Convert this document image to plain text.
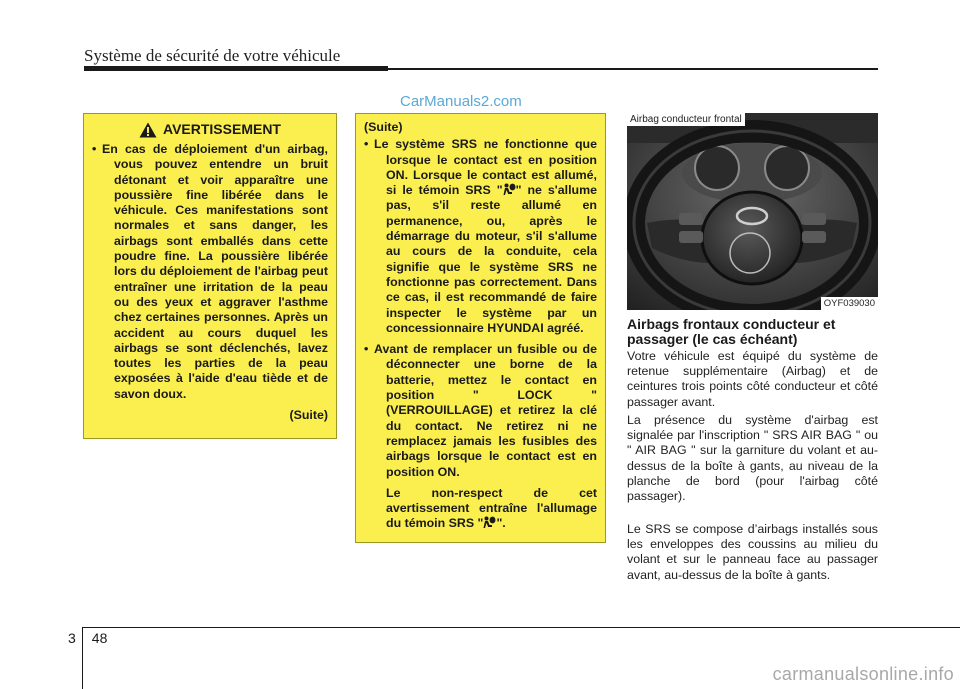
Système de sécurité de votre véhicule
CarManuals2.com
AVERTISSEMENT
• En cas de déploiement d'un airbag, vous pouvez entendre un bruit détonant et voir apparaître une poussière fine libérée dans le véhicule. Ces manifestations sont normales et sans danger, les airbags sont emballés dans cette poudre fine. La poussière libérée lors du déploiement de l'airbag peut entraîner une irritation de la peau ou des yeux et aggraver l'asthme chez certaines personnes. Après un accident au cours duquel les airbags se sont déclenchés, lavez toutes les parties de la peau exposées à l'aide d'eau tiède et de savon doux.
(Suite)
(Suite)
• Le système SRS ne fonctionne que lorsque le contact est en position ON. Lorsque le contact est allumé, si le témoin SRS " " ne s'allume pas, s'il reste allumé en permanence, ou, après le démarrage du moteur, s'il s'allume au cours de la conduite, cela signifie que le système SRS ne fonctionne pas correctement. Dans ce cas, il est recommandé de faire inspecter le système par un concessionnaire HYUNDAI agréé.
• Avant de remplacer un fusible ou de déconnecter une borne de la batterie, mettez le contact en position " LOCK " (VERROUILLAGE) et retirez la clé du contact. Ne retirez ni ne remplacez jamais les fusibles des airbags lorsque le contact est en position ON.
Le non-respect de cet avertissement entraîne l'allumage du témoin SRS " ".
Airbag conducteur frontal
OYF039030
Airbags frontaux conducteur et passager (le cas échéant)
Votre véhicule est équipé du système de retenue supplémentaire (Airbag) et de ceintures trois points côté conducteur et côté passager avant.
La présence du système d'airbag est signalée par l'inscription " SRS AIR BAG " ou " AIR BAG " sur la garniture du volant et au-dessus de la boîte à gants, au niveau de la planche de bord (pour l'airbag côté passager).
Le SRS se compose d’airbags installés sous les enveloppes des coussins au milieu du volant et sur le panneau face au passager avant, au-dessus de la boîte à gants.
3 48
carmanualsonline.info
